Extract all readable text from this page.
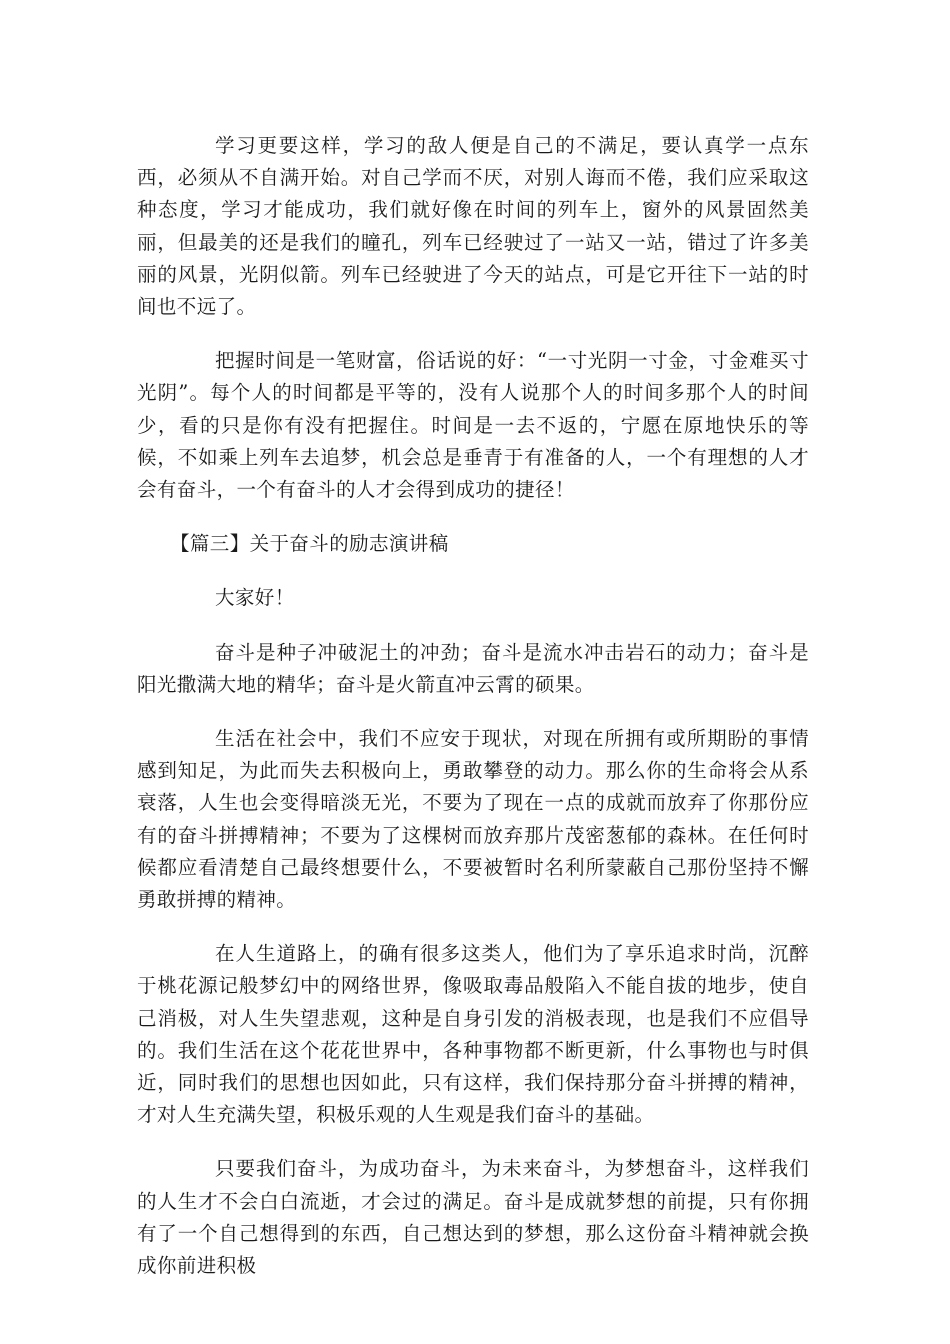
学习更要这样，学习的敌人便是自己的不满足，要认真学一点东西，必须从不自满开始。对自己学而不厌，对别人诲而不倦，我们应采取这种态度，学习才能成功，我们就好像在时间的列车上，窗外的风景固然美丽，但最美的还是我们的瞳孔，列车已经驶过了一站又一站，错过了许多美丽的风景，光阴似箭。列车已经驶进了今天的站点，可是它开往下一站的时间也不远了。

把握时间是一笔财富，俗话说的好：“一寸光阴一寸金，寸金难买寸光阴”。每个人的时间都是平等的，没有人说那个人的时间多那个人的时间少，看的只是你有没有把握住。时间是一去不返的，宁愿在原地快乐的等候，不如乘上列车去追梦，机会总是垂青于有准备的人，一个有理想的人才会有奋斗，一个有奋斗的人才会得到成功的捷径！

【篇三】关于奋斗的励志演讲稿

大家好！

奋斗是种子冲破泥土的冲劲；奋斗是流水冲击岩石的动力；奋斗是阳光撒满大地的精华；奋斗是火箭直冲云霄的硕果。

生活在社会中，我们不应安于现状，对现在所拥有或所期盼的事情感到知足，为此而失去积极向上，勇敢攀登的动力。那么你的生命将会从系衰落，人生也会变得暗淡无光，不要为了现在一点的成就而放弃了你那份应有的奋斗拼搏精神；不要为了这棵树而放弃那片茂密葱郁的森林。在任何时候都应看清楚自己最终想要什么，不要被暂时名利所蒙蔽自己那份坚持不懈勇敢拼搏的精神。

在人生道路上，的确有很多这类人，他们为了享乐追求时尚，沉醉于桃花源记般梦幻中的网络世界，像吸取毒品般陷入不能自拔的地步，使自己消极，对人生失望悲观，这种是自身引发的消极表现，也是我们不应倡导的。我们生活在这个花花世界中，各种事物都不断更新，什么事物也与时俱近，同时我们的思想也因如此，只有这样，我们保持那分奋斗拼搏的精神，才对人生充满失望，积极乐观的人生观是我们奋斗的基础。

只要我们奋斗，为成功奋斗，为未来奋斗，为梦想奋斗，这样我们的人生才不会白白流逝，才会过的满足。奋斗是成就梦想的前提，只有你拥有了一个自己想得到的东西，自己想达到的梦想，那么这份奋斗精神就会换成你前进积极
